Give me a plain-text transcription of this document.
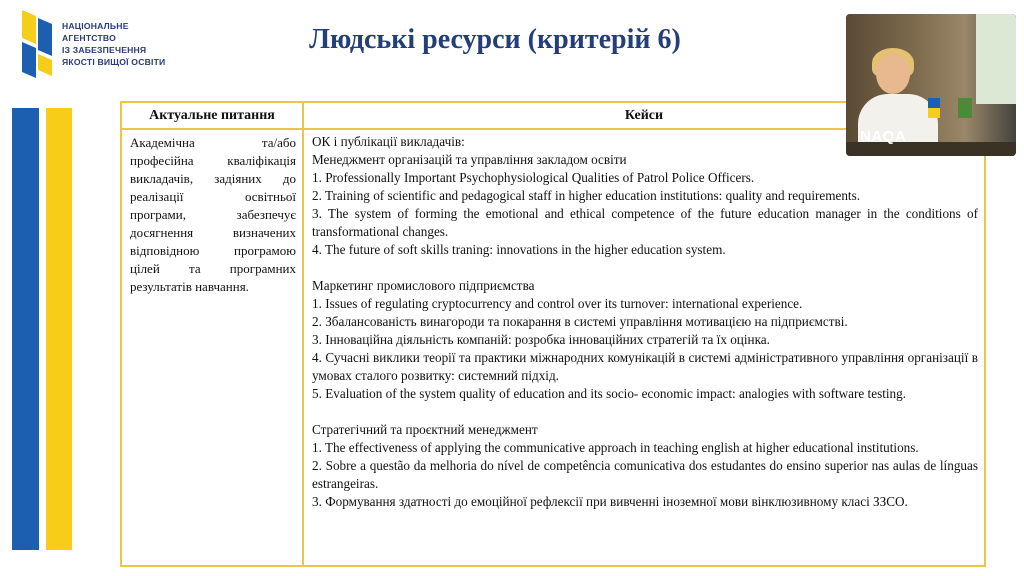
НАЦІОНАЛЬНЕ
АГЕНТСТВО
ІЗ ЗАБЕЗПЕЧЕННЯ
ЯКОСТІ ВИЩОЇ ОСВІТИ
Людські ресурси (критерій 6)
Актуальне питання	Кейси
Академічна та/або професійна кваліфікація викладачів, задіяних до реалізації освітньої програми, забезпечує досягнення визначених відповідною програмою цілей та програмних результатів навчання.

ОК і публікації викладачів:

Менеджмент організацій та управління закладом освіти

1. Professionally Important Psychophysiological Qualities of Patrol Police Officers.

2. Training of scientific and pedagogical staff in higher education institutions: quality and requirements.

3. The system of forming the emotional and ethical competence of the future education manager in the conditions of transformational changes.

4. The future of soft skills traning: innovations in the higher education system.

Маркетинг промислового підприємства

1. Issues of regulating cryptocurrency and control over its turnover: international experience.

2. Збалансованість винагороди та покарання в системі управління мотивацією на підприємстві.

3. Інноваційна діяльність компаній: розробка інноваційних стратегій та їх оцінка.

4. Сучасні виклики теорії та практики міжнародних комунікацій в системі адміністративного управління організації в умовах сталого розвитку: системний підхід.

5. Evaluation of the system quality of education and its socio- economic impact: analogies with software testing.

Стратегічний та проєктний менеджмент

1. The effectiveness of applying the communicative approach in teaching english at higher educational institutions.

2. Sobre a questão da melhoria do nível de competência comunicativa dos estudantes do ensino superior nas aulas de línguas estrangeiras.

3. Формування здатності до емоційної рефлексії при вивченні іноземної мови вінклюзивному класі ЗЗСО.

NAQA
